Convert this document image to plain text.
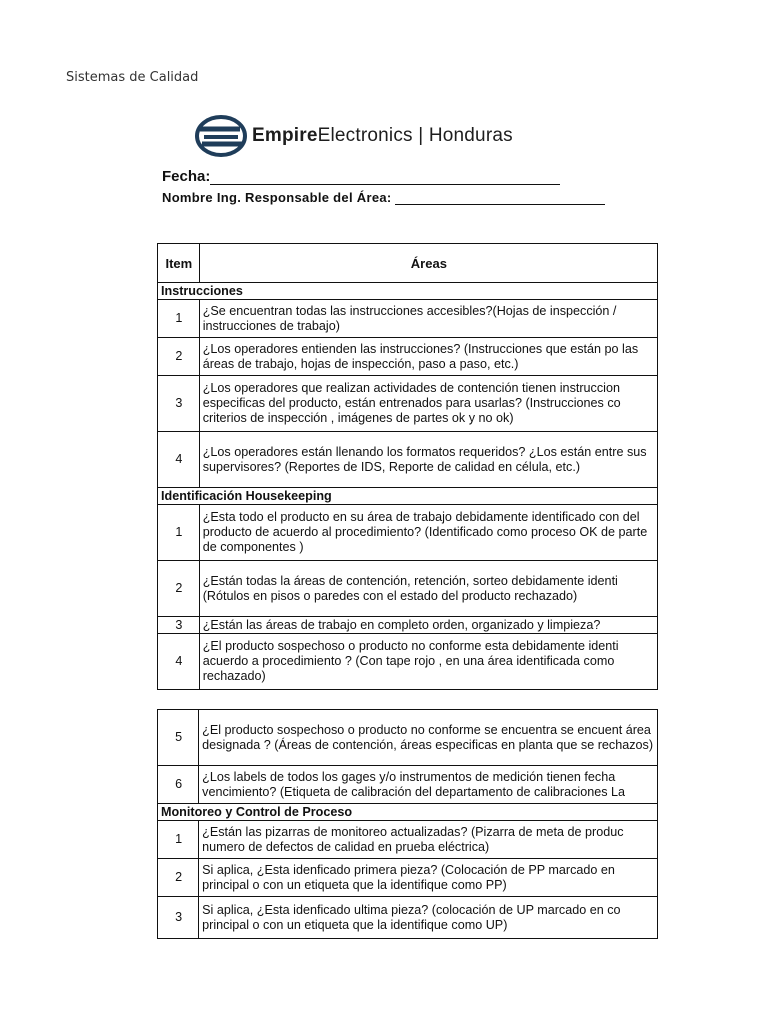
Sistemas de Calidad
EmpireElectronics | Honduras
Fecha:
Nombre Ing. Responsable del Área:
Item	Áreas
Instrucciones	
1	¿Se encuentran todas las instrucciones accesibles?(Hojas de inspección / instrucciones de trabajo)

2	¿Los operadores entienden las instrucciones? (Instrucciones que están po las áreas de trabajo, hojas de inspección, paso a paso, etc.)

3	¿Los operadores que realizan actividades de contención tienen instruccion especificas del producto, están entrenados para usarlas? (Instrucciones co criterios de inspección , imágenes de partes ok y no ok)

4	¿Los operadores están llenando los formatos requeridos? ¿Los están entre sus supervisores? (Reportes de IDS, Reporte de calidad en célula, etc.)

Identificación Housekeeping	
1	¿Esta todo el producto en su área de trabajo debidamente identificado con del producto de acuerdo al procedimiento? (Identificado como proceso OK de parte de componentes )

2	¿Están todas la áreas de contención, retención, sorteo debidamente identi (Rótulos en pisos o paredes con el estado del producto rechazado)

3	¿Están las áreas de trabajo en completo orden, organizado y limpieza?

4	¿El producto sospechoso o producto no conforme esta debidamente identi acuerdo a procedimiento ? (Con tape rojo , en una área identificada como rechazado)
5	¿El producto sospechoso o producto no conforme se encuentra se encuent área designada ? (Áreas de contención, áreas especificas en planta que se rechazos)

6	¿Los labels de todos los gages y/o instrumentos de medición tienen fecha vencimiento? (Etiqueta de calibración del departamento de calibraciones La

Monitoreo y Control de Proceso	
1	¿Están las pizarras de monitoreo actualizadas? (Pizarra de meta de produc numero de defectos de calidad en prueba eléctrica)

2	Si aplica, ¿Esta idenficado primera pieza? (Colocación de PP marcado en principal o con un etiqueta que la identifique como PP)

3	Si aplica, ¿Esta idenficado ultima pieza? (colocación de UP marcado en co principal o con un etiqueta que la identifique como UP)
